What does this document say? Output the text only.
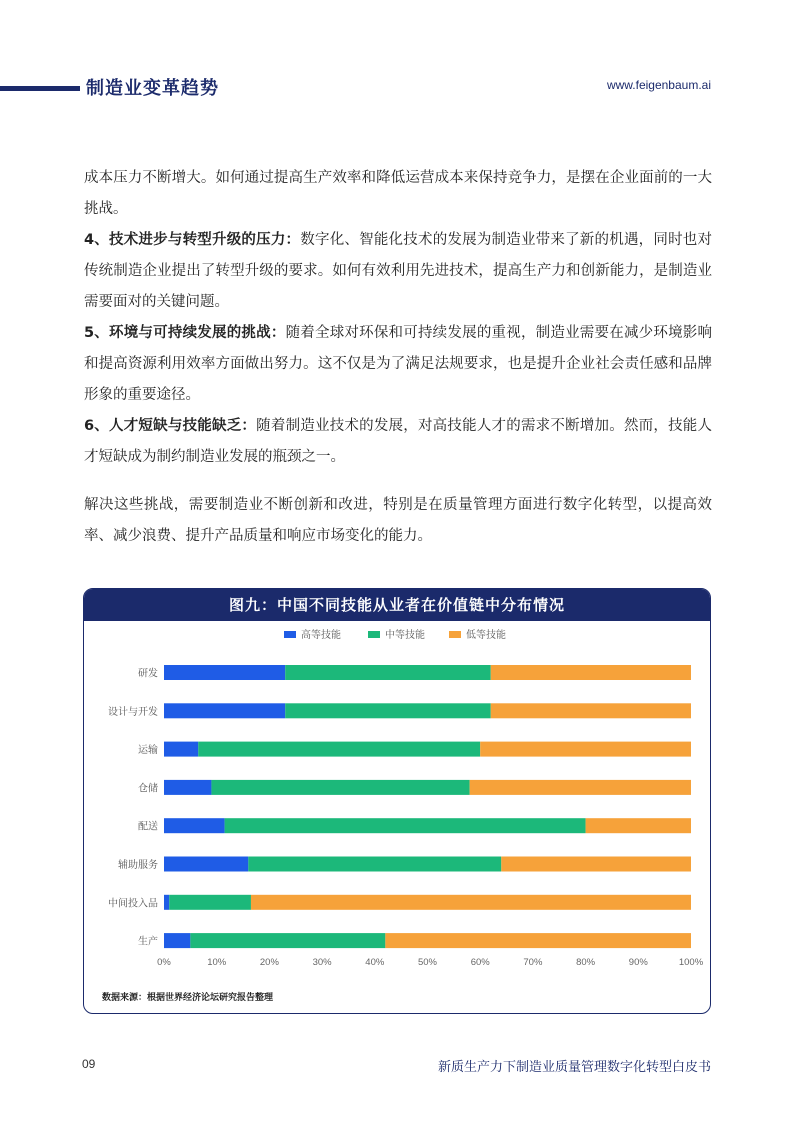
制造业变革趋势	www.feigenbaum.ai

成本压力不断增大。如何通过提高生产效率和降低运营成本来保持竞争力，是摆在企业面前的一大挑战。

4、技术进步与转型升级的压力：数字化、智能化技术的发展为制造业带来了新的机遇，同时也对传统制造企业提出了转型升级的要求。如何有效利用先进技术，提高生产力和创新能力，是制造业需要面对的关键问题。

5、环境与可持续发展的挑战：随着全球对环保和可持续发展的重视，制造业需要在减少环境影响和提高资源利用效率方面做出努力。这不仅是为了满足法规要求，也是提升企业社会责任感和品牌形象的重要途径。

6、人才短缺与技能缺乏：随着制造业技术的发展，对高技能人才的需求不断增加。然而，技能人才短缺成为制约制造业发展的瓶颈之一。

解决这些挑战，需要制造业不断创新和改进，特别是在质量管理方面进行数字化转型，以提高效率、减少浪费、提升产品质量和响应市场变化的能力。

图九：中国不同技能从业者在价值链中分布情况
高等技能	中等技能	低等技能
研发
设计与开发
运输
仓储
配送
辅助服务
中间投入品
生产
0%	10%	20%	30%	40%	50%	60%	70%	80%	90%	100%
数据来源：根据世界经济论坛研究报告整理
09	新质生产力下制造业质量管理数字化转型白皮书
